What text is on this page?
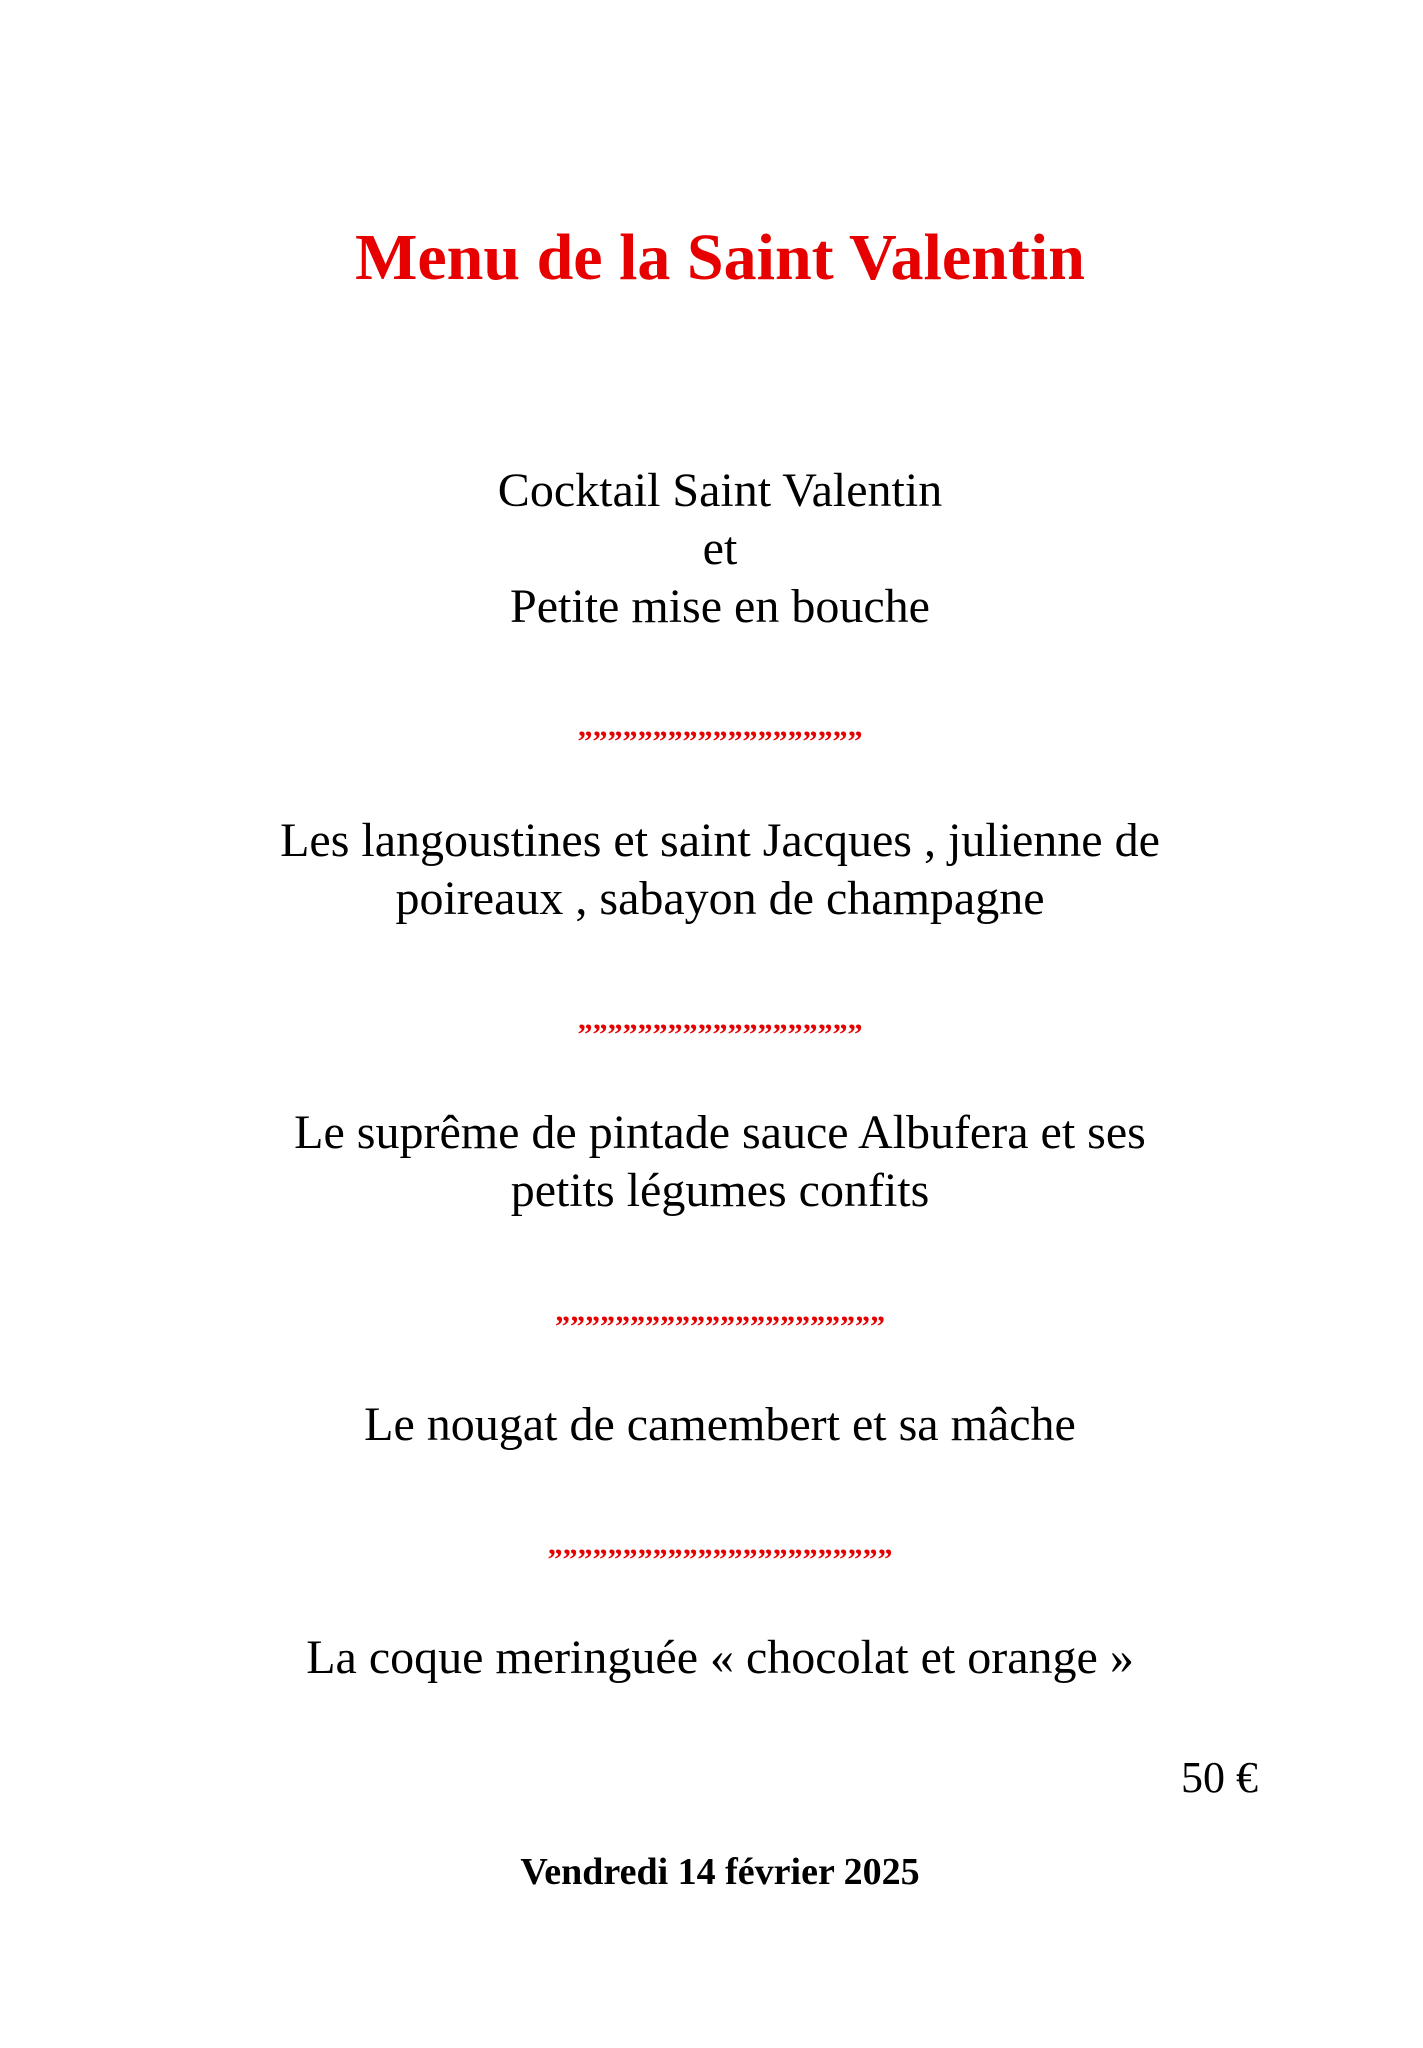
Menu de la Saint Valentin
Cocktail Saint Valentin
et
Petite mise en bouche
”””””””””””””””””””
Les langoustines et saint Jacques , julienne de
poireaux , sabayon de champagne
”””””””””””””””””””
Le suprême de pintade sauce Albufera et ses
petits légumes confits
””””””””””””””””””””””
Le nougat de camembert et sa mâche
”””””””””””””””””””””””
La coque meringuée « chocolat et orange »
50 €
Vendredi 14 février 2025
